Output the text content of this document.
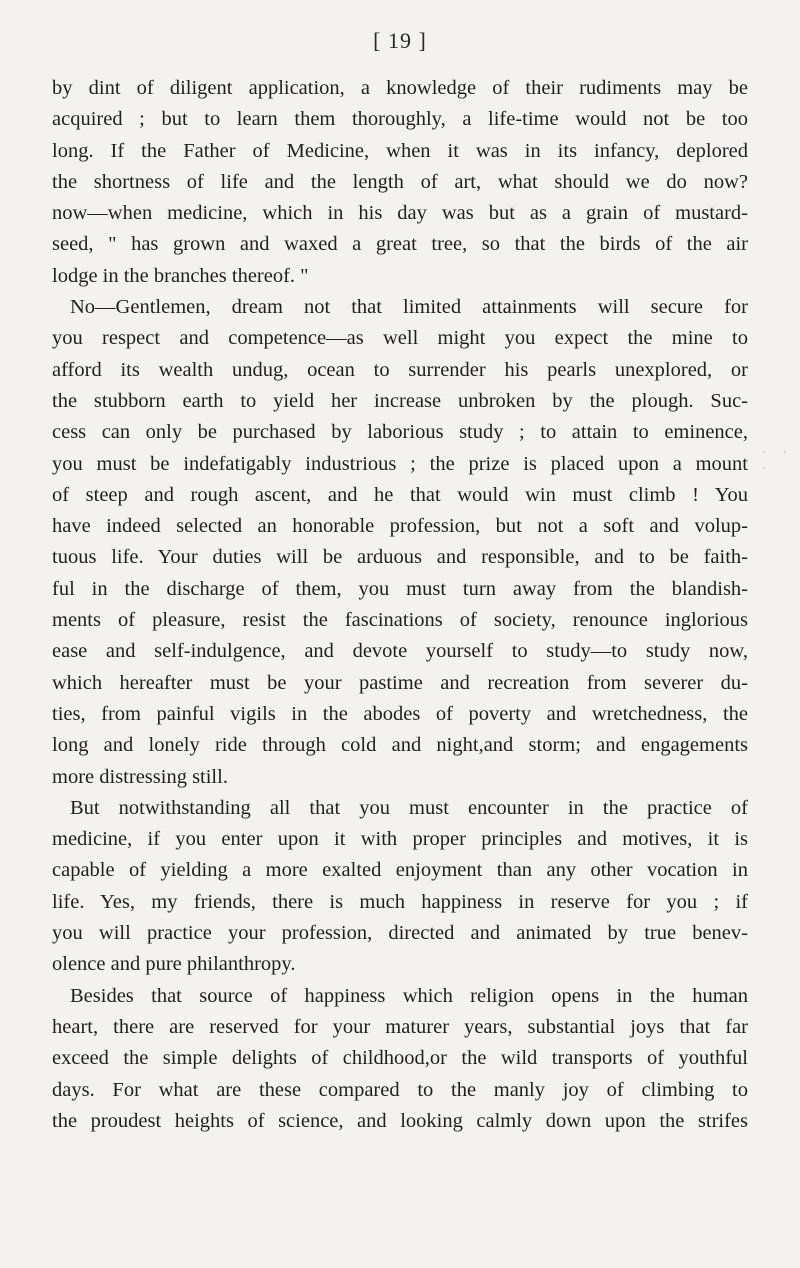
[ 19 ]
by dint of diligent application, a knowledge of their rudiments may be
acquired ; but to learn them thoroughly, a life-time would not be too
long. If the Father of Medicine, when it was in its infancy, deplored
the shortness of life and the length of art, what should we do now?
now—when medicine, which in his day was but as a grain of mustard-
seed, " has grown and waxed a great tree, so that the birds of the air
lodge in the branches thereof. "
No—Gentlemen, dream not that limited attainments will secure for
you respect and competence—as well might you expect the mine to
afford its wealth undug, ocean to surrender his pearls unexplored, or
the stubborn earth to yield her increase unbroken by the plough. Suc-
cess can only be purchased by laborious study ; to attain to eminence,
you must be indefatigably industrious ; the prize is placed upon a mount
of steep and rough ascent, and he that would win must climb ! You
have indeed selected an honorable profession, but not a soft and volup-
tuous life. Your duties will be arduous and responsible, and to be faith-
ful in the discharge of them, you must turn away from the blandish-
ments of pleasure, resist the fascinations of society, renounce inglorious
ease and self-indulgence, and devote yourself to study—to study now,
which hereafter must be your pastime and recreation from severer du-
ties, from painful vigils in the abodes of poverty and wretchedness, the
long and lonely ride through cold and night,and storm; and engagements
more distressing still.
But notwithstanding all that you must encounter in the practice of
medicine, if you enter upon it with proper principles and motives, it is
capable of yielding a more exalted enjoyment than any other vocation in
life. Yes, my friends, there is much happiness in reserve for you ; if
you will practice your profession, directed and animated by true benev-
olence and pure philanthropy.
Besides that source of happiness which religion opens in the human
heart, there are reserved for your maturer years, substantial joys that far
exceed the simple delights of childhood,or the wild transports of youthful
days. For what are these compared to the manly joy of climbing to
the proudest heights of science, and looking calmly down upon the strifes
· · ·
